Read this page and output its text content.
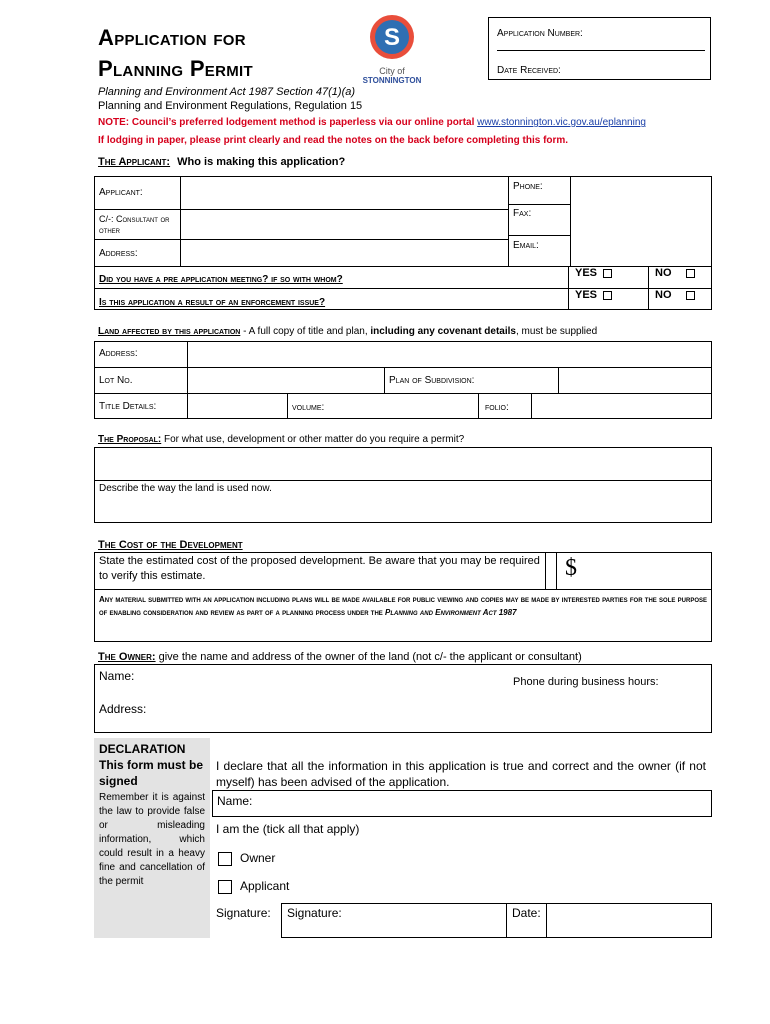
Application for
Planning Permit
S
City of
STONNINGTON
Application Number:
Date Received:
Planning and Environment Act 1987 Section 47(1)(a)
Planning and Environment Regulations, Regulation 15
NOTE: Council’s preferred lodgement method is paperless via our online portal www.stonnington.vic.gov.au/eplanning
If lodging in paper, please print clearly and read the notes on the back before completing this form.
The Applicant: Who is making this application?
Applicant:
Phone:
C/-: Consultant or other
Fax:
Address:
Email:
Did you have a pre application meeting? if so with whom?
YES	NO
Is this application a result of an enforcement issue?
YES	NO
Land affected by this application - A full copy of title and plan, including any covenant details, must be supplied
Address:
Lot No.	Plan of Subdivision:
Title Details:	volume:	folio:
The Proposal: For what use, development or other matter do you require a permit?
Describe the way the land is used now.
The Cost of the Development
State the estimated cost of the proposed development. Be aware that you may be required
to verify this estimate.	$
Any material submitted with an application including plans will be made available for public viewing and copies may be made by interested parties for the sole purpose of enabling consideration and review as part of a planning process under the Planning and Environment Act 1987
The Owner: give the name and address of the owner of the land (not c/- the applicant or consultant)
Name:	Phone during business hours:
Address:
DECLARATION
This form must be signed
Remember it is against the law to provide false or misleading information, which could result in a heavy fine and cancellation of the permit
I declare that all the information in this application is true and correct and the owner (if not myself) has been advised of the application.
Name:
I am the (tick all that apply)
Owner
Applicant
Signature: Signature:	Date:
